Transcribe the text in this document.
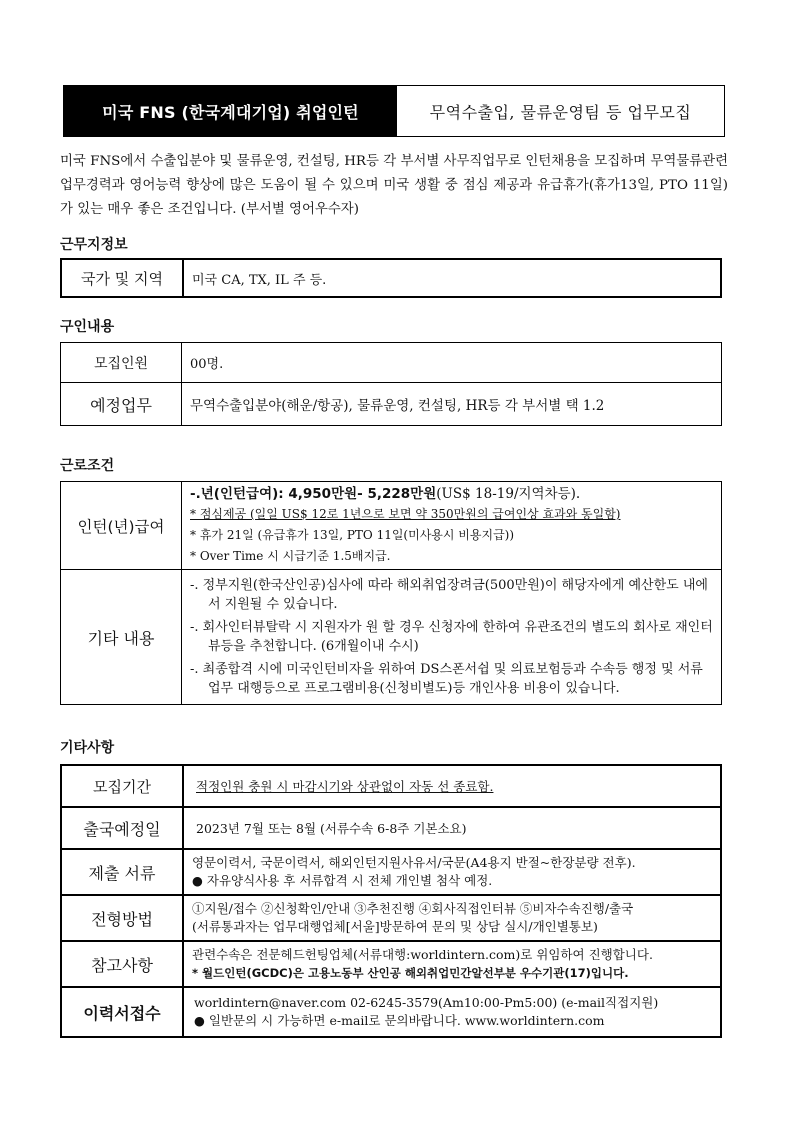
미국 FNS (한국계대기업) 취업인턴	무역수출입, 물류운영팀 등 업무모집
미국 FNS에서 수출입분야 및 물류운영, 컨설팅, HR등 각 부서별 사무직업무로 인턴채용을 모집하며 무역물류관련 업무경력과 영어능력 향상에 많은 도움이 될 수 있으며 미국 생활 중 점심 제공과 유급휴가(휴가13일, PTO 11일)가 있는 매우 좋은 조건입니다. (부서별 영어우수자)
근무지정보
국가 및 지역	미국 CA, TX, IL 주 등.
구인내용
모집인원	00명.
예정업무	무역수출입분야(해운/항공), 물류운영, 컨설팅, HR등 각 부서별 택 1.2
근로조건
인턴(년)급여	-.년(인턴급여): 4,950만원- 5,228만원(US$ 18-19/지역차등).
* 점심제공 (일일 US$ 12로 1년으로 보면 약 350만원의 급여인상 효과와 동일함)
* 휴가 21일 (유급휴가 13일, PTO 11일(미사용시 비용지급))
* Over Time 시 시급기준 1.5배지급.

기타 내용	-. 정부지원(한국산인공)심사에 따라 해외취업장려금(500만원)이 해당자에게 예산한도 내에서 지원될 수 있습니다.
-. 회사인터뷰탈락 시 지원자가 원 할 경우 신청자에 한하여 유관조건의 별도의 회사로 재인터뷰등을 추천합니다. (6개월이내 수시)
-. 최종합격 시에 미국인턴비자을 위하여 DS스폰서쉽 및 의료보험등과 수속등 행정 및 서류업무 대행등으로 프로그램비용(신청비별도)등 개인사용 비용이 있습니다.
기타사항
모집기간	적정인원 충원 시 마감시기와 상관없이 자동 선 종료함.
출국예정일	2023년 7월 또는 8월 (서류수속 6-8주 기본소요)
제출 서류	영문이력서, 국문이력서, 해외인턴지원사유서/국문(A4용지 반절~한장분량 전후).
● 자유양식사용 후 서류합격 시 전체 개인별 첨삭 예정.

전형방법	①지원/접수 ②신청확인/안내 ③추천진행 ④회사직접인터뷰 ⑤비자수속진행/출국
(서류통과자는 업무대행업체[서울]방문하여 문의 및 상담 실시/개인별통보)

참고사항	관련수속은 전문헤드헌팅업체(서류대행:worldintern.com)로 위임하여 진행합니다.
* 월드인턴(GCDC)은 고용노동부 산인공 해외취업민간알선부분 우수기관(17)입니다.

이력서접수	worldintern@naver.com 02-6245-3579(Am10:00-Pm5:00) (e-mail직접지원)
● 일반문의 시 가능하면 e-mail로 문의바랍니다. www.worldintern.com
